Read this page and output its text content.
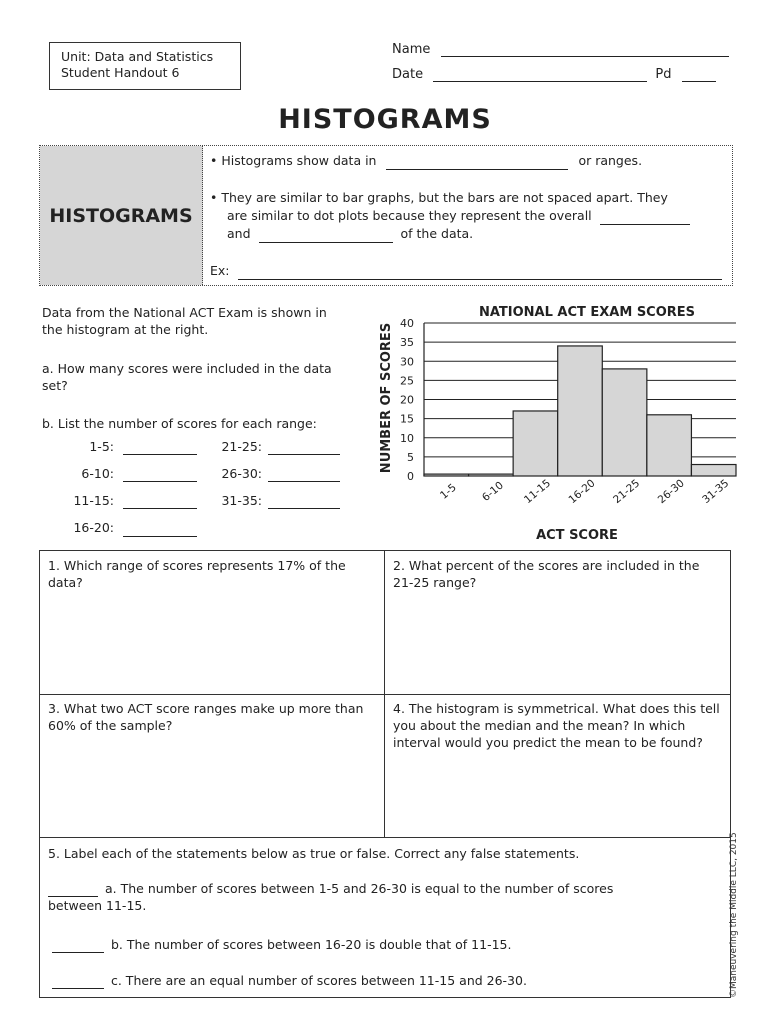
Unit: Data and Statistics
Student Handout 6
Name
Date	Pd
HISTOGRAMS
HISTOGRAMS
• Histograms show data in	or ranges.
• They are similar to bar graphs, but the bars are not spaced apart. They
are similar to dot plots because they represent the overall
and	of the data.
Ex:
Data from the National ACT Exam is shown in
the histogram at the right.
a. How many scores were included in the data
set?
b. List the number of scores for each range:
1-5:
6-10:
11-15:
16-20:
21-25:
26-30:
31-35:
NATIONAL ACT EXAM SCORES
NUMBER OF SCORES
ACT SCORE
0
5
10
15
20
25
30
35
40
1-5 6-10 11-15 16-20 21-25 26-30 31-35
1. Which range of scores represents 17% of the data?
2. What percent of the scores are included in the 21-25 range?
3. What two ACT score ranges make up more than 60% of the sample?
4. The histogram is symmetrical. What does this tell you about the median and the mean? In which interval would you predict the mean to be found?
5. Label each of the statements below as true or false. Correct any false statements.
a. The number of scores between 1-5 and 26-30 is equal to the number of scores
between 11-15.
b. The number of scores between 16-20 is double that of 11-15.
c. There are an equal number of scores between 11-15 and 26-30.	©Maneuvering the Middle LLC, 2015
